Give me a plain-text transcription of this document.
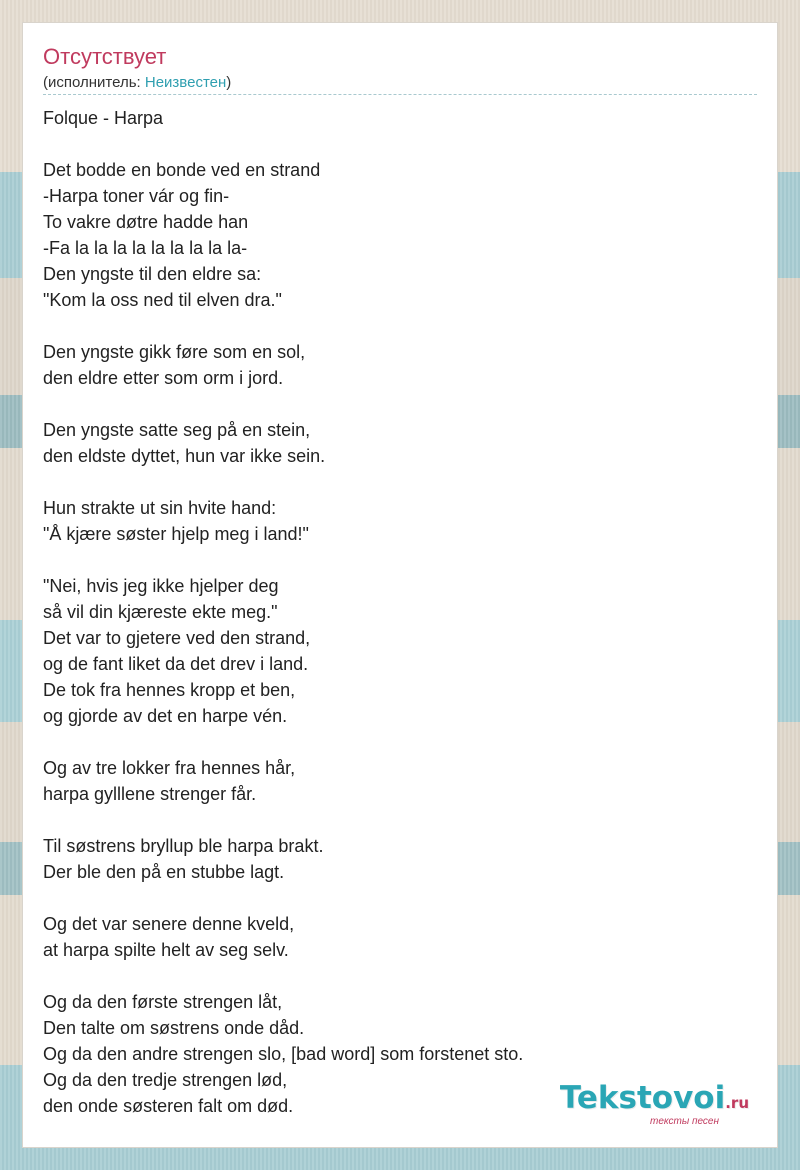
Отсутствует
(исполнитель: Неизвестен)
Folque - Harpa
Det bodde en bonde ved en strand
-Harpa toner vár og fin-
To vakre døtre hadde han
-Fa la la la la la la la la la-
Den yngste til den eldre sa:
"Kom la oss ned til elven dra."
Den yngste gikk føre som en sol,
den eldre etter som orm i jord.
Den yngste satte seg på en stein,
den eldste dyttet, hun var ikke sein.
Hun strakte ut sin hvite hand:
"Å kjære søster hjelp meg i land!"
"Nei, hvis jeg ikke hjelper deg
så vil din kjæreste ekte meg."
Det var to gjetere ved den strand,
og de fant liket da det drev i land.
De tok fra hennes kropp et ben,
og gjorde av det en harpe vén.
Og av tre lokker fra hennes hår,
harpa gylllene strenger får.
Til søstrens bryllup ble harpa brakt.
Der ble den på en stubbe lagt.
Og det var senere denne kveld,
at harpa spilte helt av seg selv.
Og da den første strengen låt,
Den talte om søstrens onde dåd.
Og da den andre strengen slo, [bad word] som forstenet sto.
Og da den tredje strengen lød,
den onde søsteren falt om død.	Tekstovoi.ru
тексты песен
